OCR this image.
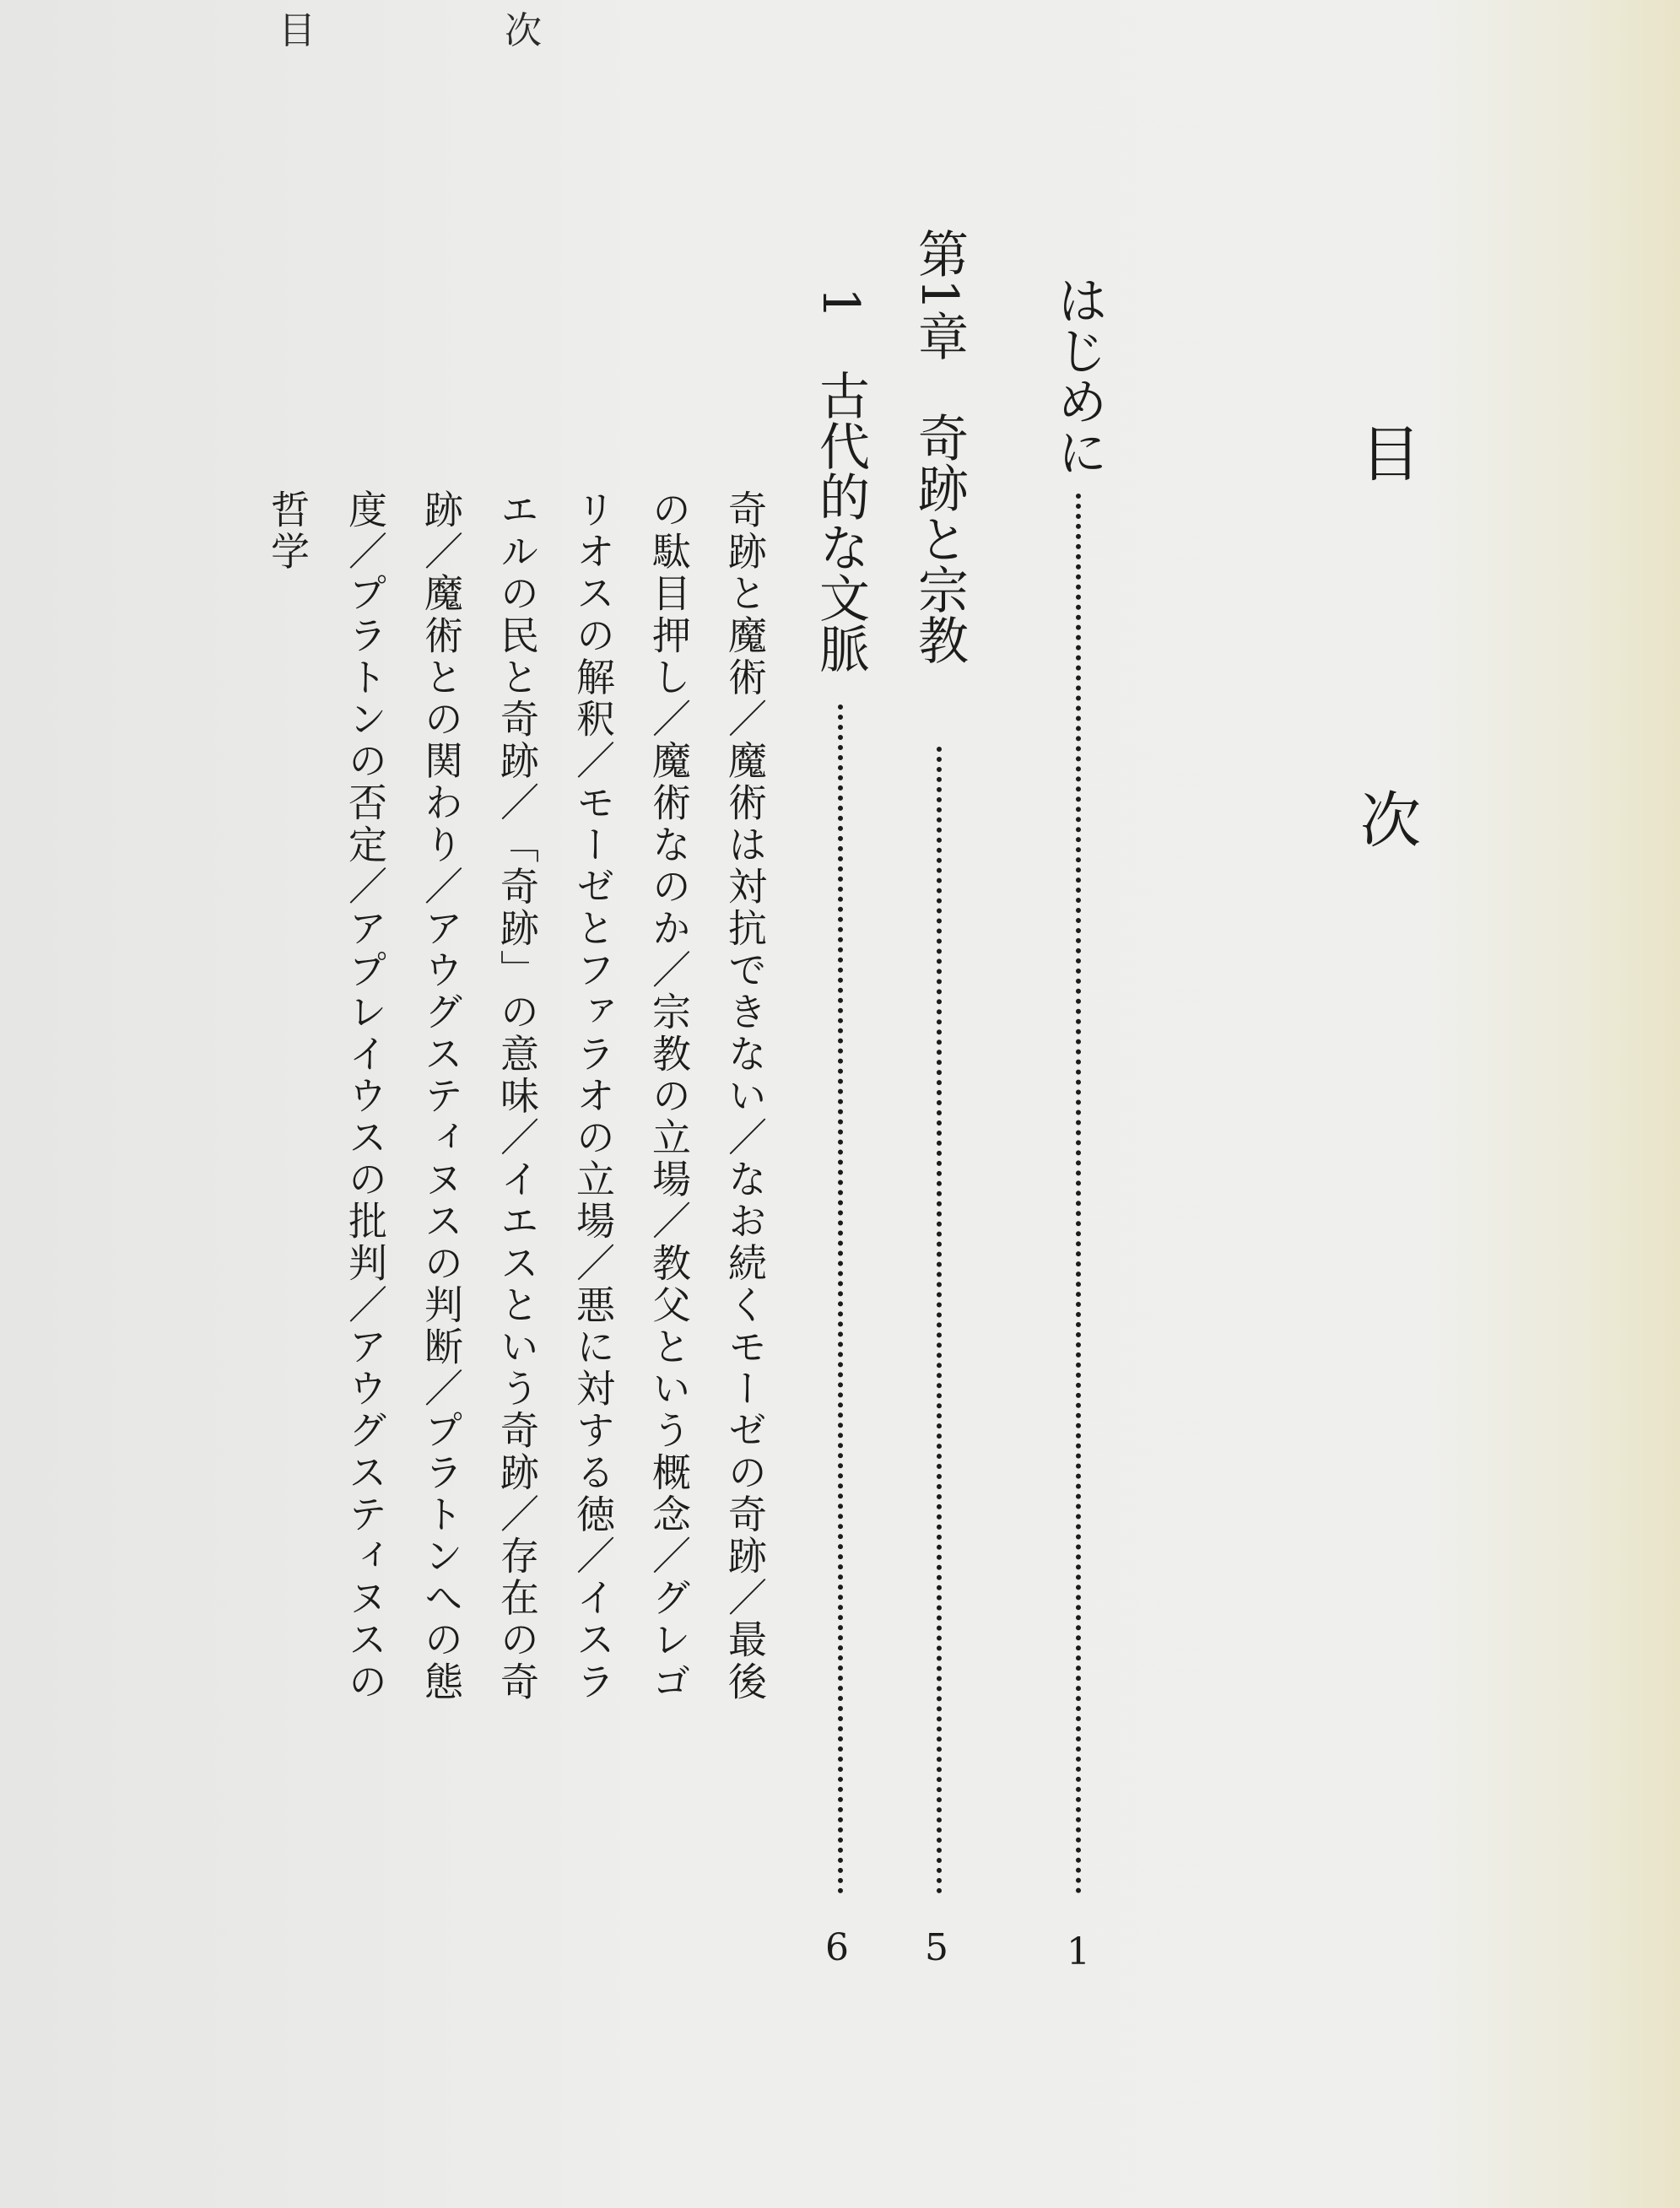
目　次
目　次
はじめに
1
第1章　奇跡と宗教
5
1　古代的な文脈
6
奇跡と魔術／魔術は対抗できない／なお続くモーゼの奇跡／最後
の駄目押し／魔術なのか／宗教の立場／教父という概念／グレゴ
リオスの解釈／モーゼとファラオの立場／悪に対する徳／イスラ
エルの民と奇跡／「奇跡」の意味／イエスという奇跡／存在の奇
跡／魔術との関わり／アウグスティヌスの判断／プラトンへの態
度／プラトンの否定／アプレイウスの批判／アウグスティヌスの
哲学
